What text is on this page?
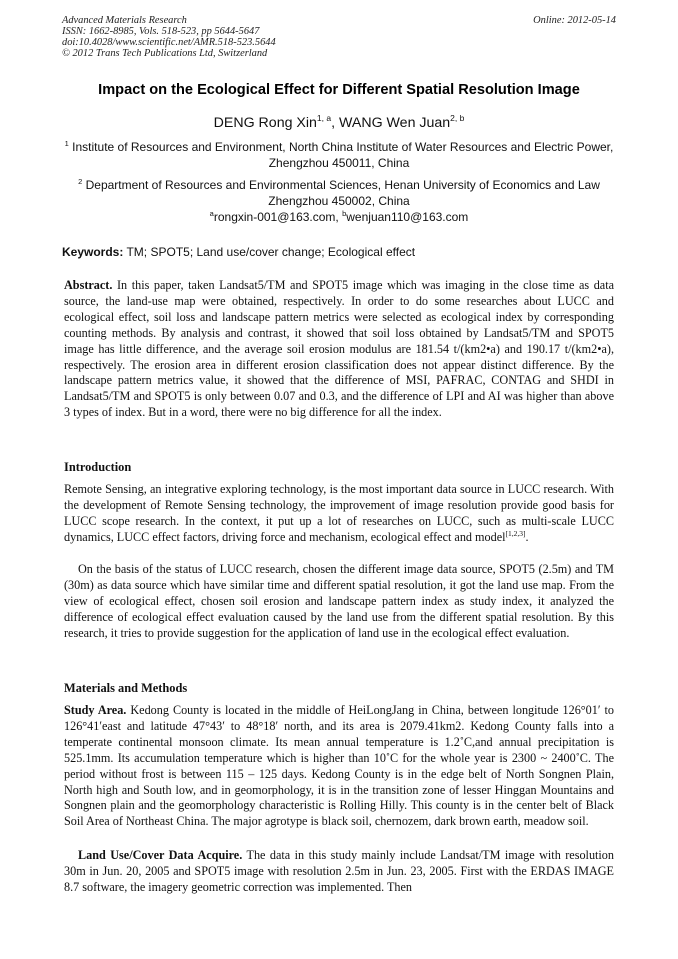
Advanced Materials Research
ISSN: 1662-8985, Vols. 518-523, pp 5644-5647
doi:10.4028/www.scientific.net/AMR.518-523.5644
© 2012 Trans Tech Publications Ltd, Switzerland
Online: 2012-05-14
Impact on the Ecological Effect for Different Spatial Resolution Image
DENG Rong Xin$^{1, a}$, WANG Wen Juan$^{2, b}$
$^1$ Institute of Resources and Environment, North China Institute of Water Resources and Electric Power, Zhengzhou 450011, China
$^2$ Department of Resources and Environmental Sciences, Henan University of Economics and Law Zhengzhou 450002, China
$^a$rongxin-001@163.com, $^b$wenjuan110@163.com
Keywords: TM; SPOT5; Land use/cover change; Ecological effect
Abstract. In this paper, taken Landsat5/TM and SPOT5 image which was imaging in the close time as data source, the land-use map were obtained, respectively. In order to do some researches about LUCC and ecological effect, soil loss and landscape pattern metrics were selected as ecological index by corresponding counting methods. By analysis and contrast, it showed that soil loss obtained by Landsat5/TM and SPOT5 image has little difference, and the average soil erosion modulus are 181.54 t/(km2•a) and 190.17 t/(km2•a), respectively. The erosion area in different erosion classification does not appear distinct difference. By the landscape pattern metrics value, it showed that the difference of MSI, PAFRAC, CONTAG and SHDI in Landsat5/TM and SPOT5 is only between 0.07 and 0.3, and the difference of LPI and AI was higher than above 3 types of index. But in a word, there were no big difference for all the index.
Introduction
Remote Sensing, an integrative exploring technology, is the most important data source in LUCC research. With the development of Remote Sensing technology, the improvement of image resolution provide good basis for LUCC scope research. In the context, it put up a lot of researches on LUCC, such as multi-scale LUCC dynamics, LUCC effect factors, driving force and mechanism, ecological effect and model[1,2,3].
On the basis of the status of LUCC research, chosen the different image data source, SPOT5 (2.5m) and TM (30m) as data source which have similar time and different spatial resolution, it got the land use map. From the view of ecological effect, chosen soil erosion and landscape pattern index as study index, it analyzed the difference of ecological effect evaluation caused by the land use from the different spatial resolution. By this research, it tries to provide suggestion for the application of land use in the ecological effect evaluation.
Materials and Methods
Study Area. Kedong County is located in the middle of HeiLongJang in China, between longitude 126°01′ to 126°41′east and latitude 47°43′ to 48°18′ north, and its area is 2079.41km2. Kedong County falls into a temperate continental monsoon climate. Its mean annual temperature is 1.2˚C,and annual precipitation is 525.1mm. Its accumulation temperature which is higher than 10˚C for the whole year is 2300 ~ 2400˚C. The period without frost is between 115 – 125 days. Kedong County is in the edge belt of North Songnen Plain, North high and South low, and in geomorphology, it is in the transition zone of lesser Hinggan Mountains and Songnen plain and the geomorphology characteristic is Rolling Hilly. This county is in the center belt of Black Soil Area of Northeast China. The major agrotype is black soil, chernozem, dark brown earth, meadow soil.
Land Use/Cover Data Acquire. The data in this study mainly include Landsat/TM image with resolution 30m in Jun. 20, 2005 and SPOT5 image with resolution 2.5m in Jun. 23, 2005. First with the ERDAS IMAGE 8.7 software, the imagery geometric correction was implemented. Then
